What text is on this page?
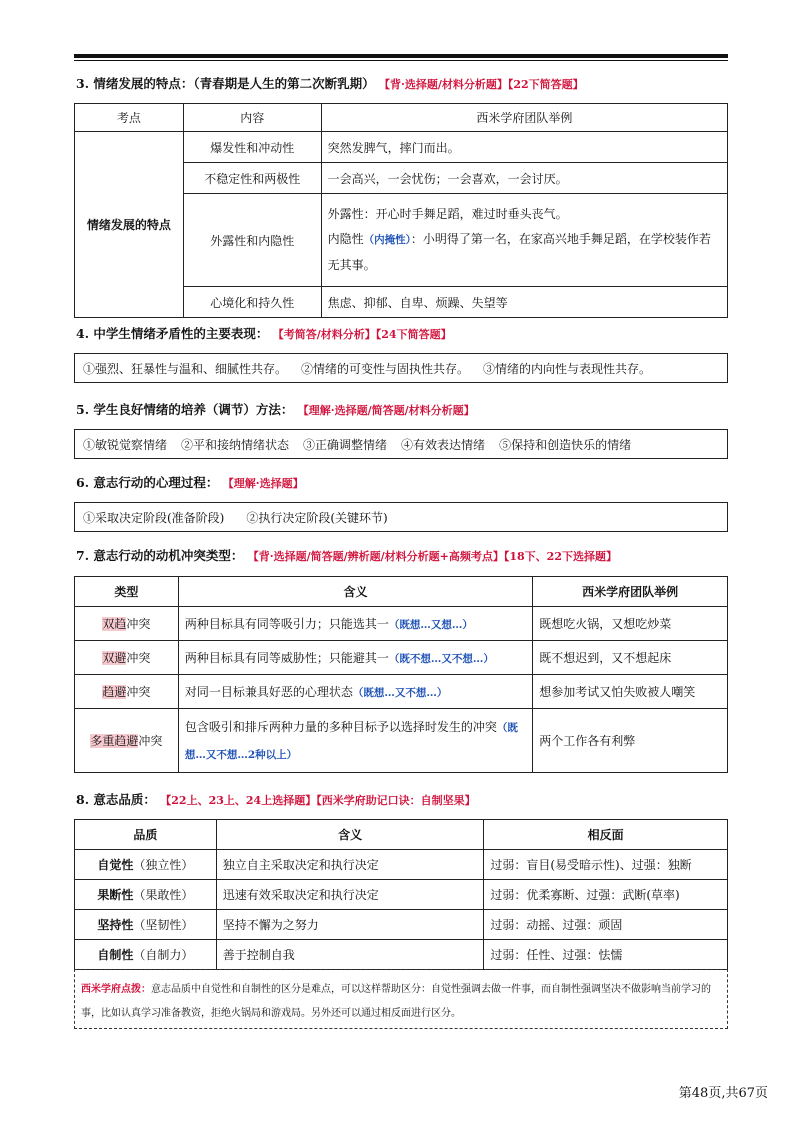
3. 情绪发展的特点：（青春期是人生的第二次断乳期） 【背·选择题/材料分析题】【22下简答题】
考点	内容	西米学府团队举例
情绪发展的特点	爆发性和冲动性	突然发脾气，摔门而出。
	不稳定性和两极性	一会高兴，一会忧伤；一会喜欢，一会讨厌。
	外露性和内隐性	外露性：开心时手舞足蹈，难过时垂头丧气。
内隐性（内掩性）：小明得了第一名，在家高兴地手舞足蹈，在学校装作若无其事。

	心境化和持久性	焦虑、抑郁、自卑、烦躁、失望等
4. 中学生情绪矛盾性的主要表现： 【考简答/材料分析】【24下简答题】
①强烈、狂暴性与温和、细腻性共存。 ②情绪的可变性与固执性共存。 ③情绪的内向性与表现性共存。
5. 学生良好情绪的培养（调节）方法： 【理解·选择题/简答题/材料分析题】
①敏锐觉察情绪 ②平和接纳情绪状态 ③正确调整情绪 ④有效表达情绪 ⑤保持和创造快乐的情绪
6. 意志行动的心理过程： 【理解·选择题】
①采取决定阶段(准备阶段) ②执行决定阶段(关键环节)
7. 意志行动的动机冲突类型： 【背·选择题/简答题/辨析题/材料分析题+高频考点】【18下、22下选择题】
类型	含义	西米学府团队举例
双趋冲突	两种目标具有同等吸引力；只能选其一（既想…又想…）	既想吃火锅，又想吃炒菜
双避冲突	两种目标具有同等威胁性；只能避其一（既不想…又不想…）	既不想迟到，又不想起床
趋避冲突	对同一目标兼具好恶的心理状态（既想…又不想…）	想参加考试又怕失败被人嘲笑
多重趋避冲突	包含吸引和排斥两种力量的多种目标予以选择时发生的冲突（既想…又不想…2种以上）	两个工作各有利弊
8. 意志品质： 【22上、23上、24上选择题】【西米学府助记口诀：自制坚果】
品质	含义	相反面
自觉性（独立性）	独立自主采取决定和执行决定	过弱：盲目(易受暗示性)、过强：独断
果断性（果敢性）	迅速有效采取决定和执行决定	过弱：优柔寡断、过强：武断(草率)
坚持性（坚韧性）	坚持不懈为之努力	过弱：动摇、过强：顽固
自制性（自制力）	善于控制自我	过弱：任性、过强：怯懦
西米学府点拨：意志品质中自觉性和自制性的区分是难点，可以这样帮助区分：自觉性强调去做一件事，而自制性强调坚决不做影响当前学习的事，比如认真学习准备教资，拒绝火锅局和游戏局。另外还可以通过相反面进行区分。
第48页,共67页
